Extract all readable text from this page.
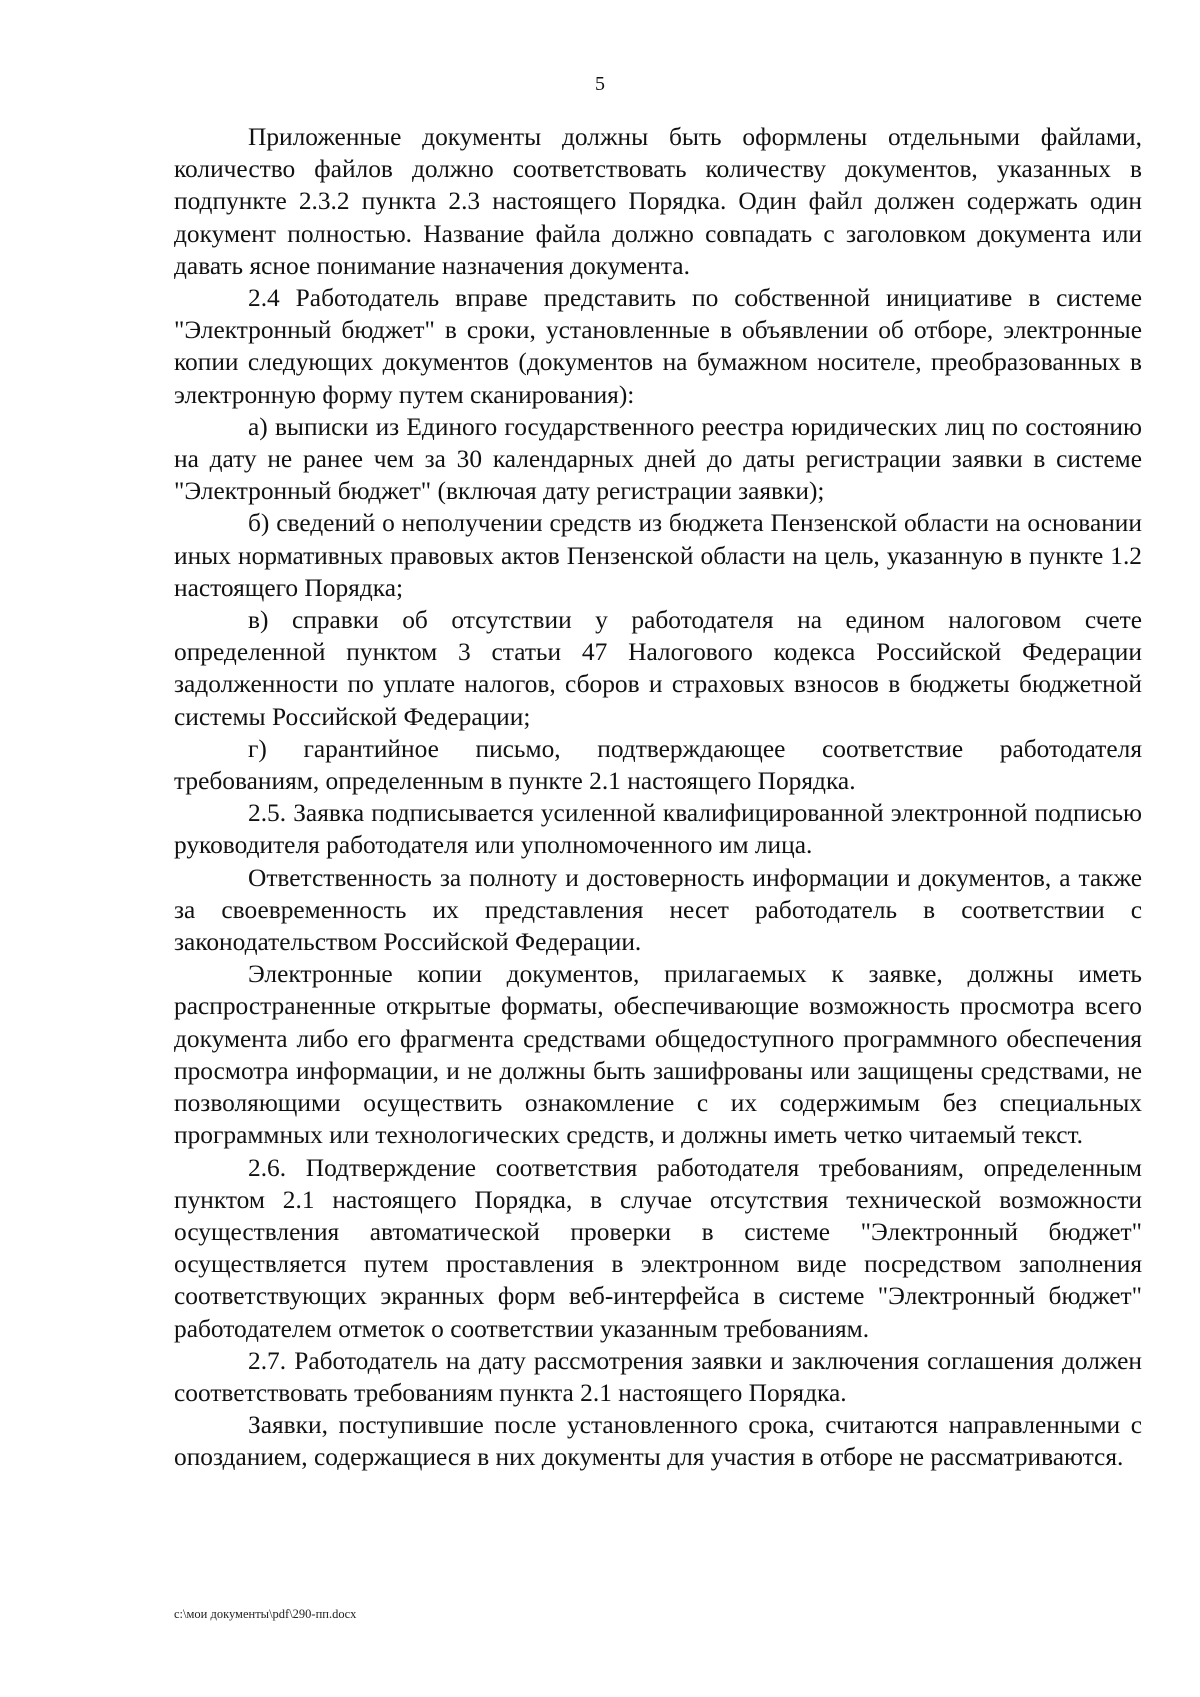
5

Приложенные документы должны быть оформлены отдельными файлами, количество файлов должно соответствовать количеству документов, указанных в подпункте 2.3.2 пункта 2.3 настоящего Порядка. Один файл должен содержать один документ полностью. Название файла должно совпадать с заголовком документа или давать ясное понимание назначения документа.

2.4 Работодатель вправе представить по собственной инициативе в системе "Электронный бюджет" в сроки, установленные в объявлении об отборе, электронные копии следующих документов (документов на бумажном носителе, преобразованных в электронную форму путем сканирования):

а) выписки из Единого государственного реестра юридических лиц по состоянию на дату не ранее чем за 30 календарных дней до даты регистрации заявки в системе "Электронный бюджет" (включая дату регистрации заявки);

б) сведений о неполучении средств из бюджета Пензенской области на основании иных нормативных правовых актов Пензенской области на цель, указанную в пункте 1.2 настоящего Порядка;

в) справки об отсутствии у работодателя на едином налоговом счете определенной пунктом 3 статьи 47 Налогового кодекса Российской Федерации задолженности по уплате налогов, сборов и страховых взносов в бюджеты бюджетной системы Российской Федерации;

г) гарантийное письмо, подтверждающее соответствие работодателя требованиям, определенным в пункте 2.1 настоящего Порядка.

2.5. Заявка подписывается усиленной квалифицированной электронной подписью руководителя работодателя или уполномоченного им лица.

Ответственность за полноту и достоверность информации и документов, а также за своевременность их представления несет работодатель в соответствии с законодательством Российской Федерации.

Электронные копии документов, прилагаемых к заявке, должны иметь распространенные открытые форматы, обеспечивающие возможность просмотра всего документа либо его фрагмента средствами общедоступного программного обеспечения просмотра информации, и не должны быть зашифрованы или защищены средствами, не позволяющими осуществить ознакомление с их содержимым без специальных программных или технологических средств, и должны иметь четко читаемый текст.

2.6. Подтверждение соответствия работодателя требованиям, определенным пунктом 2.1 настоящего Порядка, в случае отсутствия технической возможности осуществления автоматической проверки в системе "Электронный бюджет" осуществляется путем проставления в электронном виде посредством заполнения соответствующих экранных форм веб-интерфейса в системе "Электронный бюджет" работодателем отметок о соответствии указанным требованиям.

2.7. Работодатель на дату рассмотрения заявки и заключения соглашения должен соответствовать требованиям пункта 2.1 настоящего Порядка.

Заявки, поступившие после установленного срока, считаются направленными с опозданием, содержащиеся в них документы для участия в отборе не рассматриваются.

c:\мои документы\pdf\290-пп.docx
